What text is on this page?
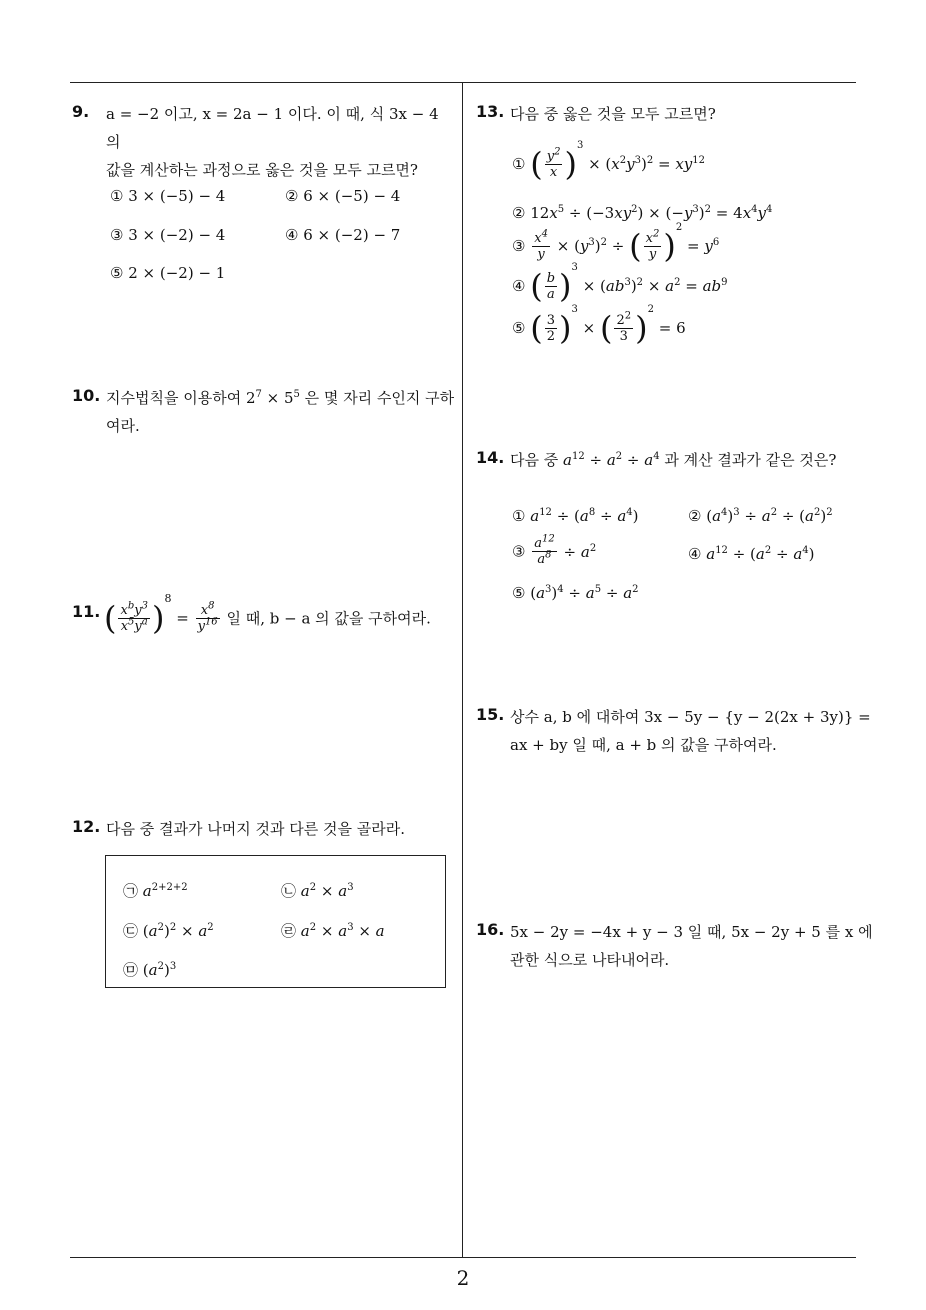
2
9. a = −2 이고, x = 2a − 1 이다. 이 때, 식 3x − 4 의
값을 계산하는 과정으로 옳은 것을 모두 고르면?
① 3 × (−5) − 4	② 6 × (−5) − 4
③ 3 × (−2) − 4	④ 6 × (−2) − 7
⑤ 2 × (−2) − 1
10. 지수법칙을 이용하여 $2^7 \times 5^5$ 은 몇 자리 수인지 구하
여라.
11. ( $\frac{x^by^3}{x^5y^a} )^8 = \frac{x^8}{y^{16}}$ 일 때, b − a 의 값을 구하여라.
12. 다음 중 결과가 나머지 것과 다른 것을 골라라.
㉠ $a^{2+2+2}$	㉡ $a^2 \times a^3$
㉢ $(a^2)^2 \times a^2$	㉣ $a^2 \times a^3 \times a$
㉤ $(a^2)^3$
13. 다음 중 옳은 것을 모두 고르면?
① ( $\frac{y^2}{x} )^3 \times (x^2y^3)^2 = xy^{12}$
② $12x^5 \div (-3xy^2) \times (-y^3)^2 = 4x^4y^4$
③ $\frac{x^4}{y} \times (y^3)^2$ ÷ ( $\frac{x^2}{y} )^2 = y^6$
④ ( $\frac{b}{a} )^3 \times (ab^3)^2 \times a^2 = ab^9$
⑤ ( $\frac{3}{2} )^3$ × ( $\frac{2^2}{3} )^2 = 6$
14. 다음 중 $a^{12} \div a^2 \div a^4$ 과 계산 결과가 같은 것은?
① $a^{12} \div (a^8 \div a^4)$	② $(a^4)^3 \div a^2 \div (a^2)^2$
③ $\frac{a^{12}}{a^8} \div a^2$	④ $a^{12} \div (a^2 \div a^4)$
⑤ $(a^3)^4 \div a^5 \div a^2$
15. 상수 a, b 에 대하여 3x − 5y − {y − 2(2x + 3y)} =
ax + by 일 때, a + b 의 값을 구하여라.
16. 5x − 2y = −4x + y − 3 일 때, 5x − 2y + 5 를 x 에
관한 식으로 나타내어라.
